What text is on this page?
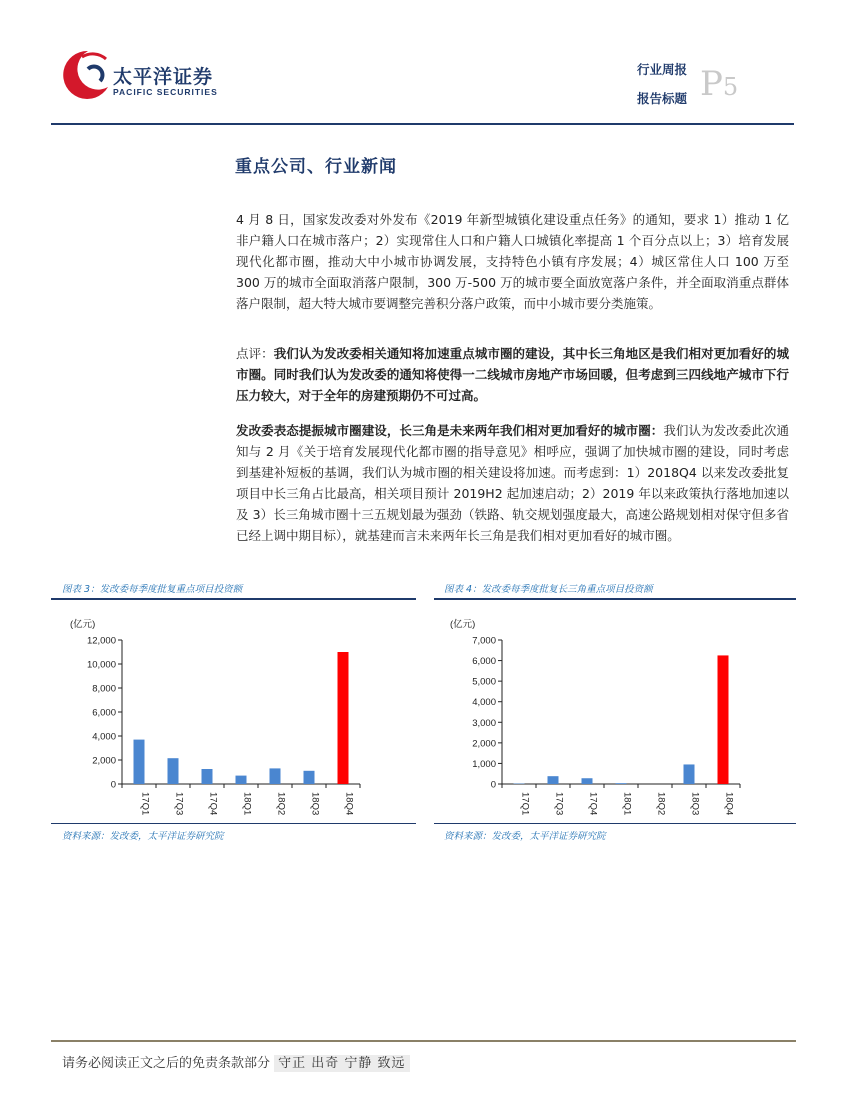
太平洋证券
PACIFIC SECURITIES
行业周报
报告标题 P5
重点公司、行业新闻
4 月 8 日，国家发改委对外发布《2019 年新型城镇化建设重点任务》的通知，要求 1）推动 1 亿非户籍人口在城市落户；2）实现常住人口和户籍人口城镇化率提高 1 个百分点以上；3）培育发展现代化都市圈，推动大中小城市协调发展，支持特色小镇有序发展；4）城区常住人口 100 万至 300 万的城市全面取消落户限制，300 万-500 万的城市要全面放宽落户条件，并全面取消重点群体落户限制，超大特大城市要调整完善积分落户政策，而中小城市要分类施策。
点评：我们认为发改委相关通知将加速重点城市圈的建设，其中长三角地区是我们相对更加看好的城市圈。同时我们认为发改委的通知将使得一二线城市房地产市场回暖，但考虑到三四线地产城市下行压力较大，对于全年的房建预期仍不可过高。
发改委表态提振城市圈建设，长三角是未来两年我们相对更加看好的城市圈：我们认为发改委此次通知与 2 月《关于培育发展现代化都市圈的指导意见》相呼应，强调了加快城市圈的建设，同时考虑到基建补短板的基调，我们认为城市圈的相关建设将加速。而考虑到：1）2018Q4 以来发改委批复项目中长三角占比最高，相关项目预计 2019H2 起加速启动；2）2019 年以来政策执行落地加速以及 3）长三角城市圈十三五规划最为强劲（铁路、轨交规划强度最大，高速公路规划相对保守但多省已经上调中期目标），就基建而言未来两年长三角是我们相对更加看好的城市圈。
图表 3：发改委每季度批复重点项目投资额
(亿元)
0
2,000
4,000
6,000
8,000
10,000
12,000
17Q1 17Q3 17Q4 18Q1 18Q2 18Q3 18Q4
资料来源：发改委，太平洋证券研究院
图表 4：发改委每季度批复长三角重点项目投资额
(亿元)
0
1,000
2,000
3,000
4,000
5,000
6,000
7,000
17Q1 17Q3 17Q4 18Q1 18Q2 18Q3 18Q4
资料来源：发改委，太平洋证券研究院
请务必阅读正文之后的免责条款部分 守正 出奇 宁静 致远
